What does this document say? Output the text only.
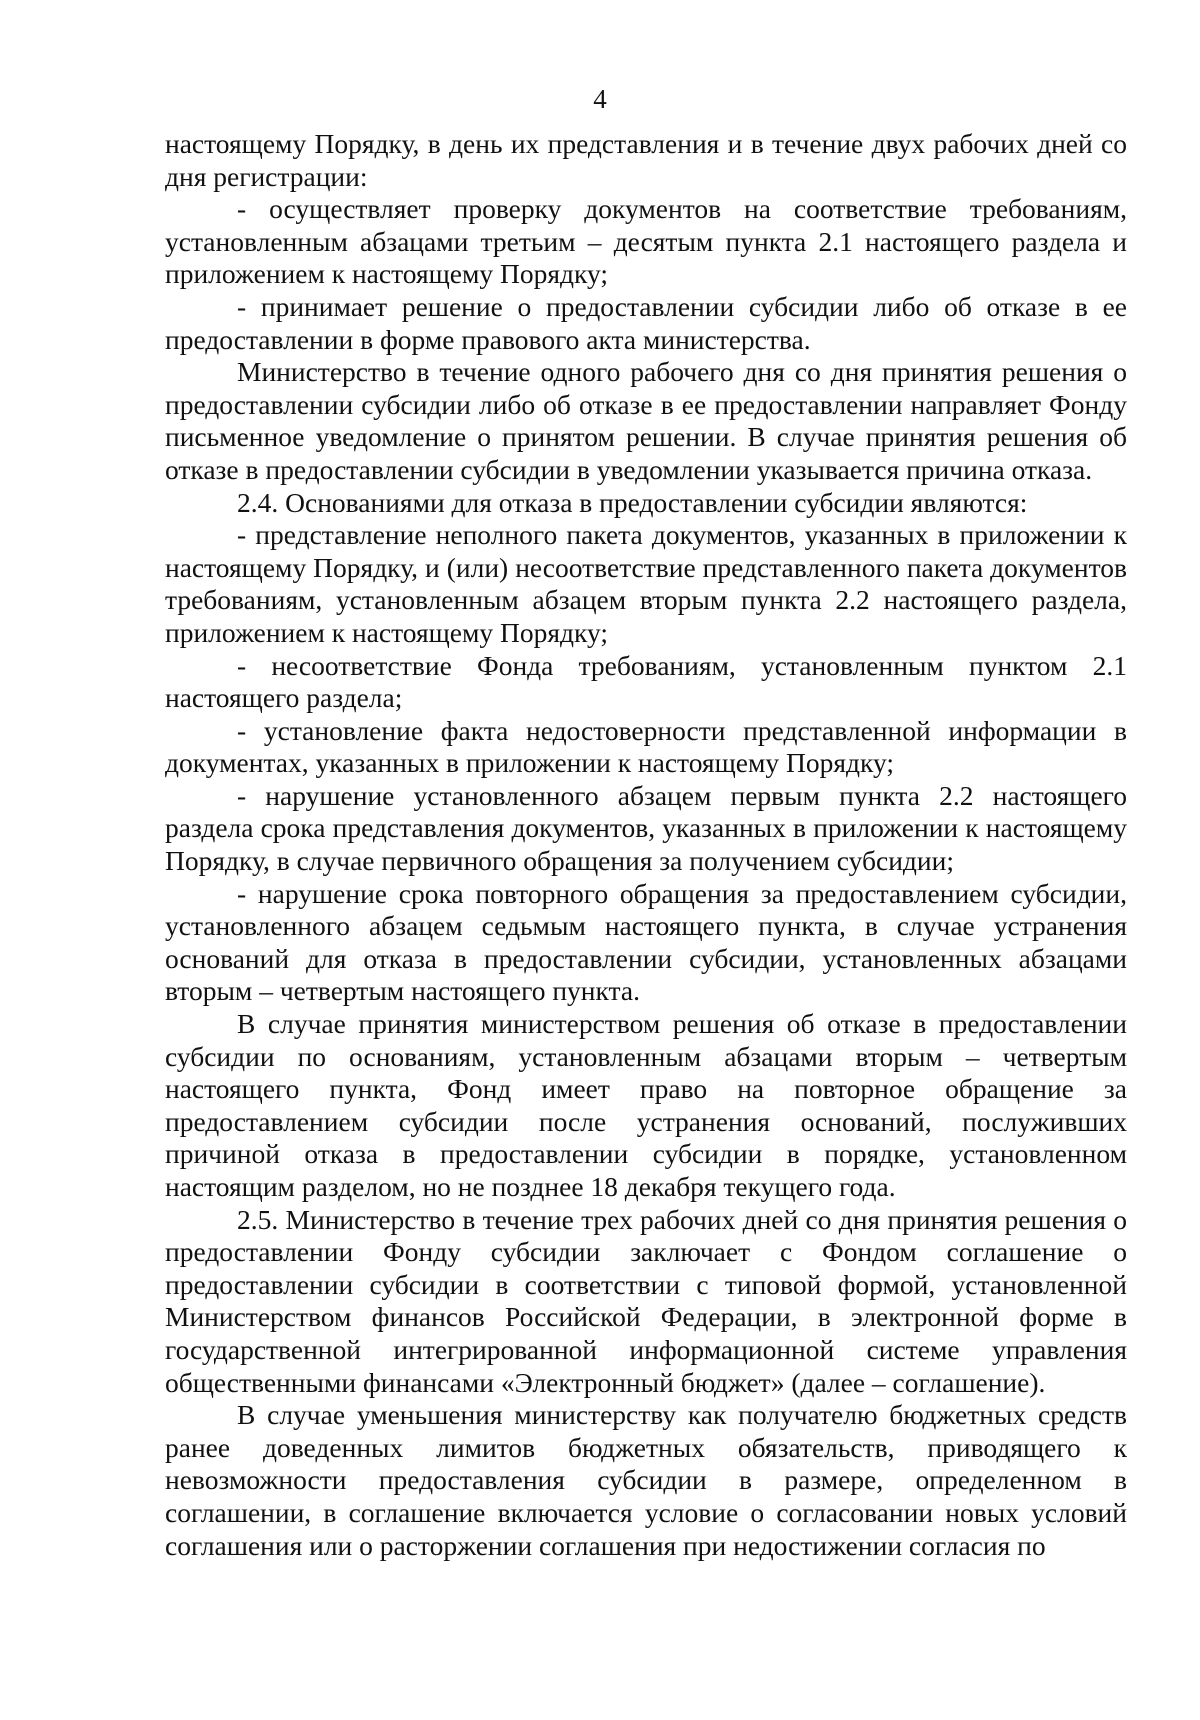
4

настоящему Порядку, в день их представления и в течение двух рабочих дней со дня регистрации:

- осуществляет проверку документов на соответствие требованиям, установленным абзацами третьим – десятым пункта 2.1 настоящего раздела и приложением к настоящему Порядку;

- принимает решение о предоставлении субсидии либо об отказе в ее предоставлении в форме правового акта министерства.

Министерство в течение одного рабочего дня со дня принятия решения о предоставлении субсидии либо об отказе в ее предоставлении направляет Фонду письменное уведомление о принятом решении. В случае принятия решения об отказе в предоставлении субсидии в уведомлении указывается причина отказа.

2.4. Основаниями для отказа в предоставлении субсидии являются:

- представление неполного пакета документов, указанных в приложении к настоящему Порядку, и (или) несоответствие представленного пакета документов требованиям, установленным абзацем вторым пункта 2.2 настоящего раздела, приложением к настоящему Порядку;

- несоответствие Фонда требованиям, установленным пунктом 2.1 настоящего раздела;

- установление факта недостоверности представленной информации в документах, указанных в приложении к настоящему Порядку;

- нарушение установленного абзацем первым пункта 2.2 настоящего раздела срока представления документов, указанных в приложении к настоящему Порядку, в случае первичного обращения за получением субсидии;

- нарушение срока повторного обращения за предоставлением субсидии, установленного абзацем седьмым настоящего пункта, в случае устранения оснований для отказа в предоставлении субсидии, установленных абзацами вторым – четвертым настоящего пункта.

В случае принятия министерством решения об отказе в предоставлении субсидии по основаниям, установленным абзацами вторым – четвертым настоящего пункта, Фонд имеет право на повторное обращение за предоставлением субсидии после устранения оснований, послуживших причиной отказа в предоставлении субсидии в порядке, установленном настоящим разделом, но не позднее 18 декабря текущего года.

2.5. Министерство в течение трех рабочих дней со дня принятия решения о предоставлении Фонду субсидии заключает с Фондом соглашение о предоставлении субсидии в соответствии с типовой формой, установленной Министерством финансов Российской Федерации, в электронной форме в государственной интегрированной информационной системе управления общественными финансами «Электронный бюджет» (далее – соглашение).

В случае уменьшения министерству как получателю бюджетных средств ранее доведенных лимитов бюджетных обязательств, приводящего к невозможности предоставления субсидии в размере, определенном в соглашении, в соглашение включается условие о согласовании новых условий соглашения или о расторжении соглашения при недостижении согласия по
